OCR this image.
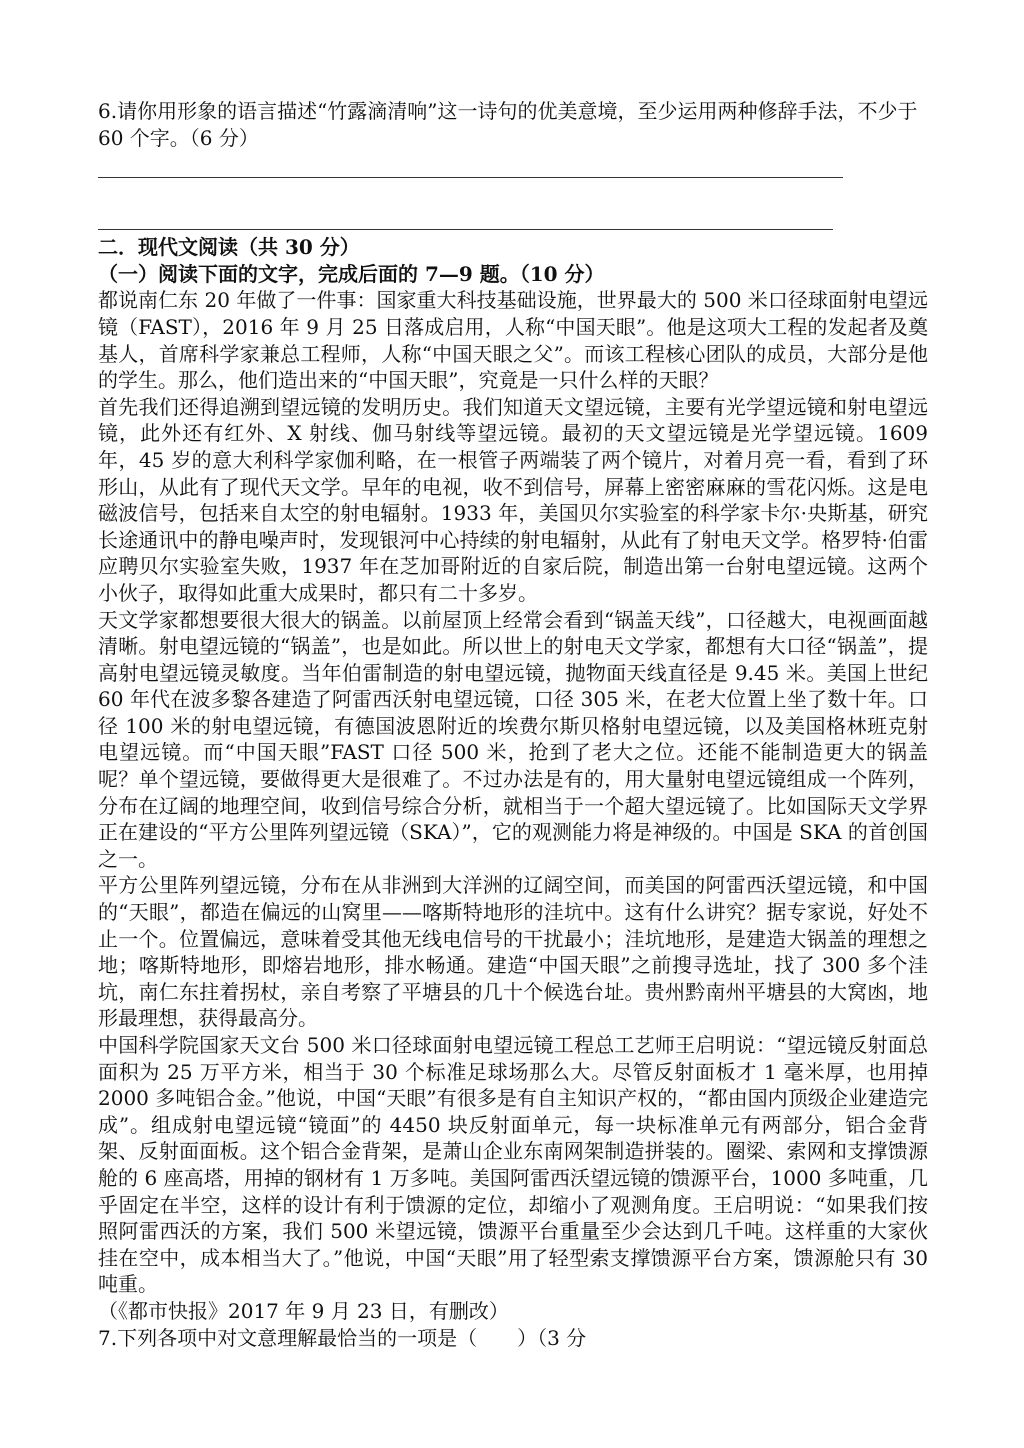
6.请你用形象的语言描述“竹露滴清响”这一诗句的优美意境，至少运用两种修辞手法，不少于 60 个字。（6 分）

二．现代文阅读（共 30 分）

（一）阅读下面的文字，完成后面的 7—9 题。（10 分）

都说南仁东 20 年做了一件事：国家重大科技基础设施，世界最大的 500 米口径球面射电望远镜（FAST），2016 年 9 月 25 日落成启用，人称“中国天眼”。他是这项大工程的发起者及奠基人，首席科学家兼总工程师，人称“中国天眼之父”。而该工程核心团队的成员，大部分是他的学生。那么，他们造出来的“中国天眼”，究竟是一只什么样的天眼？

首先我们还得追溯到望远镜的发明历史。我们知道天文望远镜，主要有光学望远镜和射电望远镜，此外还有红外、X 射线、伽马射线等望远镜。最初的天文望远镜是光学望远镜。1609 年，45 岁的意大利科学家伽利略，在一根管子两端装了两个镜片，对着月亮一看，看到了环形山，从此有了现代天文学。早年的电视，收不到信号，屏幕上密密麻麻的雪花闪烁。这是电磁波信号，包括来自太空的射电辐射。1933 年，美国贝尔实验室的科学家卡尔·央斯基，研究长途通讯中的静电噪声时，发现银河中心持续的射电辐射，从此有了射电天文学。格罗特·伯雷应聘贝尔实验室失败，1937 年在芝加哥附近的自家后院，制造出第一台射电望远镜。这两个小伙子，取得如此重大成果时，都只有二十多岁。

天文学家都想要很大很大的锅盖。以前屋顶上经常会看到“锅盖天线”，口径越大，电视画面越清晰。射电望远镜的“锅盖”，也是如此。所以世上的射电天文学家，都想有大口径“锅盖”，提高射电望远镜灵敏度。当年伯雷制造的射电望远镜，抛物面天线直径是 9.45 米。美国上世纪 60 年代在波多黎各建造了阿雷西沃射电望远镜，口径 305 米，在老大位置上坐了数十年。口径 100 米的射电望远镜，有德国波恩附近的埃费尔斯贝格射电望远镜，以及美国格林班克射电望远镜。而“中国天眼”FAST 口径 500 米，抢到了老大之位。还能不能制造更大的锅盖呢？单个望远镜，要做得更大是很难了。不过办法是有的，用大量射电望远镜组成一个阵列，分布在辽阔的地理空间，收到信号综合分析，就相当于一个超大望远镜了。比如国际天文学界正在建设的“平方公里阵列望远镜（SKA）”，它的观测能力将是神级的。中国是 SKA 的首创国之一。

平方公里阵列望远镜，分布在从非洲到大洋洲的辽阔空间，而美国的阿雷西沃望远镜，和中国的“天眼”，都造在偏远的山窝里——喀斯特地形的洼坑中。这有什么讲究？据专家说，好处不止一个。位置偏远，意味着受其他无线电信号的干扰最小；洼坑地形，是建造大锅盖的理想之地；喀斯特地形，即熔岩地形，排水畅通。建造“中国天眼”之前搜寻选址，找了 300 多个洼坑，南仁东拄着拐杖，亲自考察了平塘县的几十个候选台址。贵州黔南州平塘县的大窝凼，地形最理想，获得最高分。

中国科学院国家天文台 500 米口径球面射电望远镜工程总工艺师王启明说：“望远镜反射面总面积为 25 万平方米，相当于 30 个标准足球场那么大。尽管反射面板才 1 毫米厚，也用掉 2000 多吨铝合金。”他说，中国“天眼”有很多是有自主知识产权的，“都由国内顶级企业建造完成”。组成射电望远镜“镜面”的 4450 块反射面单元，每一块标准单元有两部分，铝合金背架、反射面面板。这个铝合金背架，是萧山企业东南网架制造拼装的。圈梁、索网和支撑馈源舱的 6 座高塔，用掉的钢材有 1 万多吨。美国阿雷西沃望远镜的馈源平台，1000 多吨重，几乎固定在半空，这样的设计有利于馈源的定位，却缩小了观测角度。王启明说：“如果我们按照阿雷西沃的方案，我们 500 米望远镜，馈源平台重量至少会达到几千吨。这样重的大家伙挂在空中，成本相当大了。”他说，中国“天眼”用了轻型索支撑馈源平台方案，馈源舱只有 30 吨重。

（《都市快报》2017 年 9 月 23 日，有删改）

7.下列各项中对文意理解最恰当的一项是（　　）（3 分
